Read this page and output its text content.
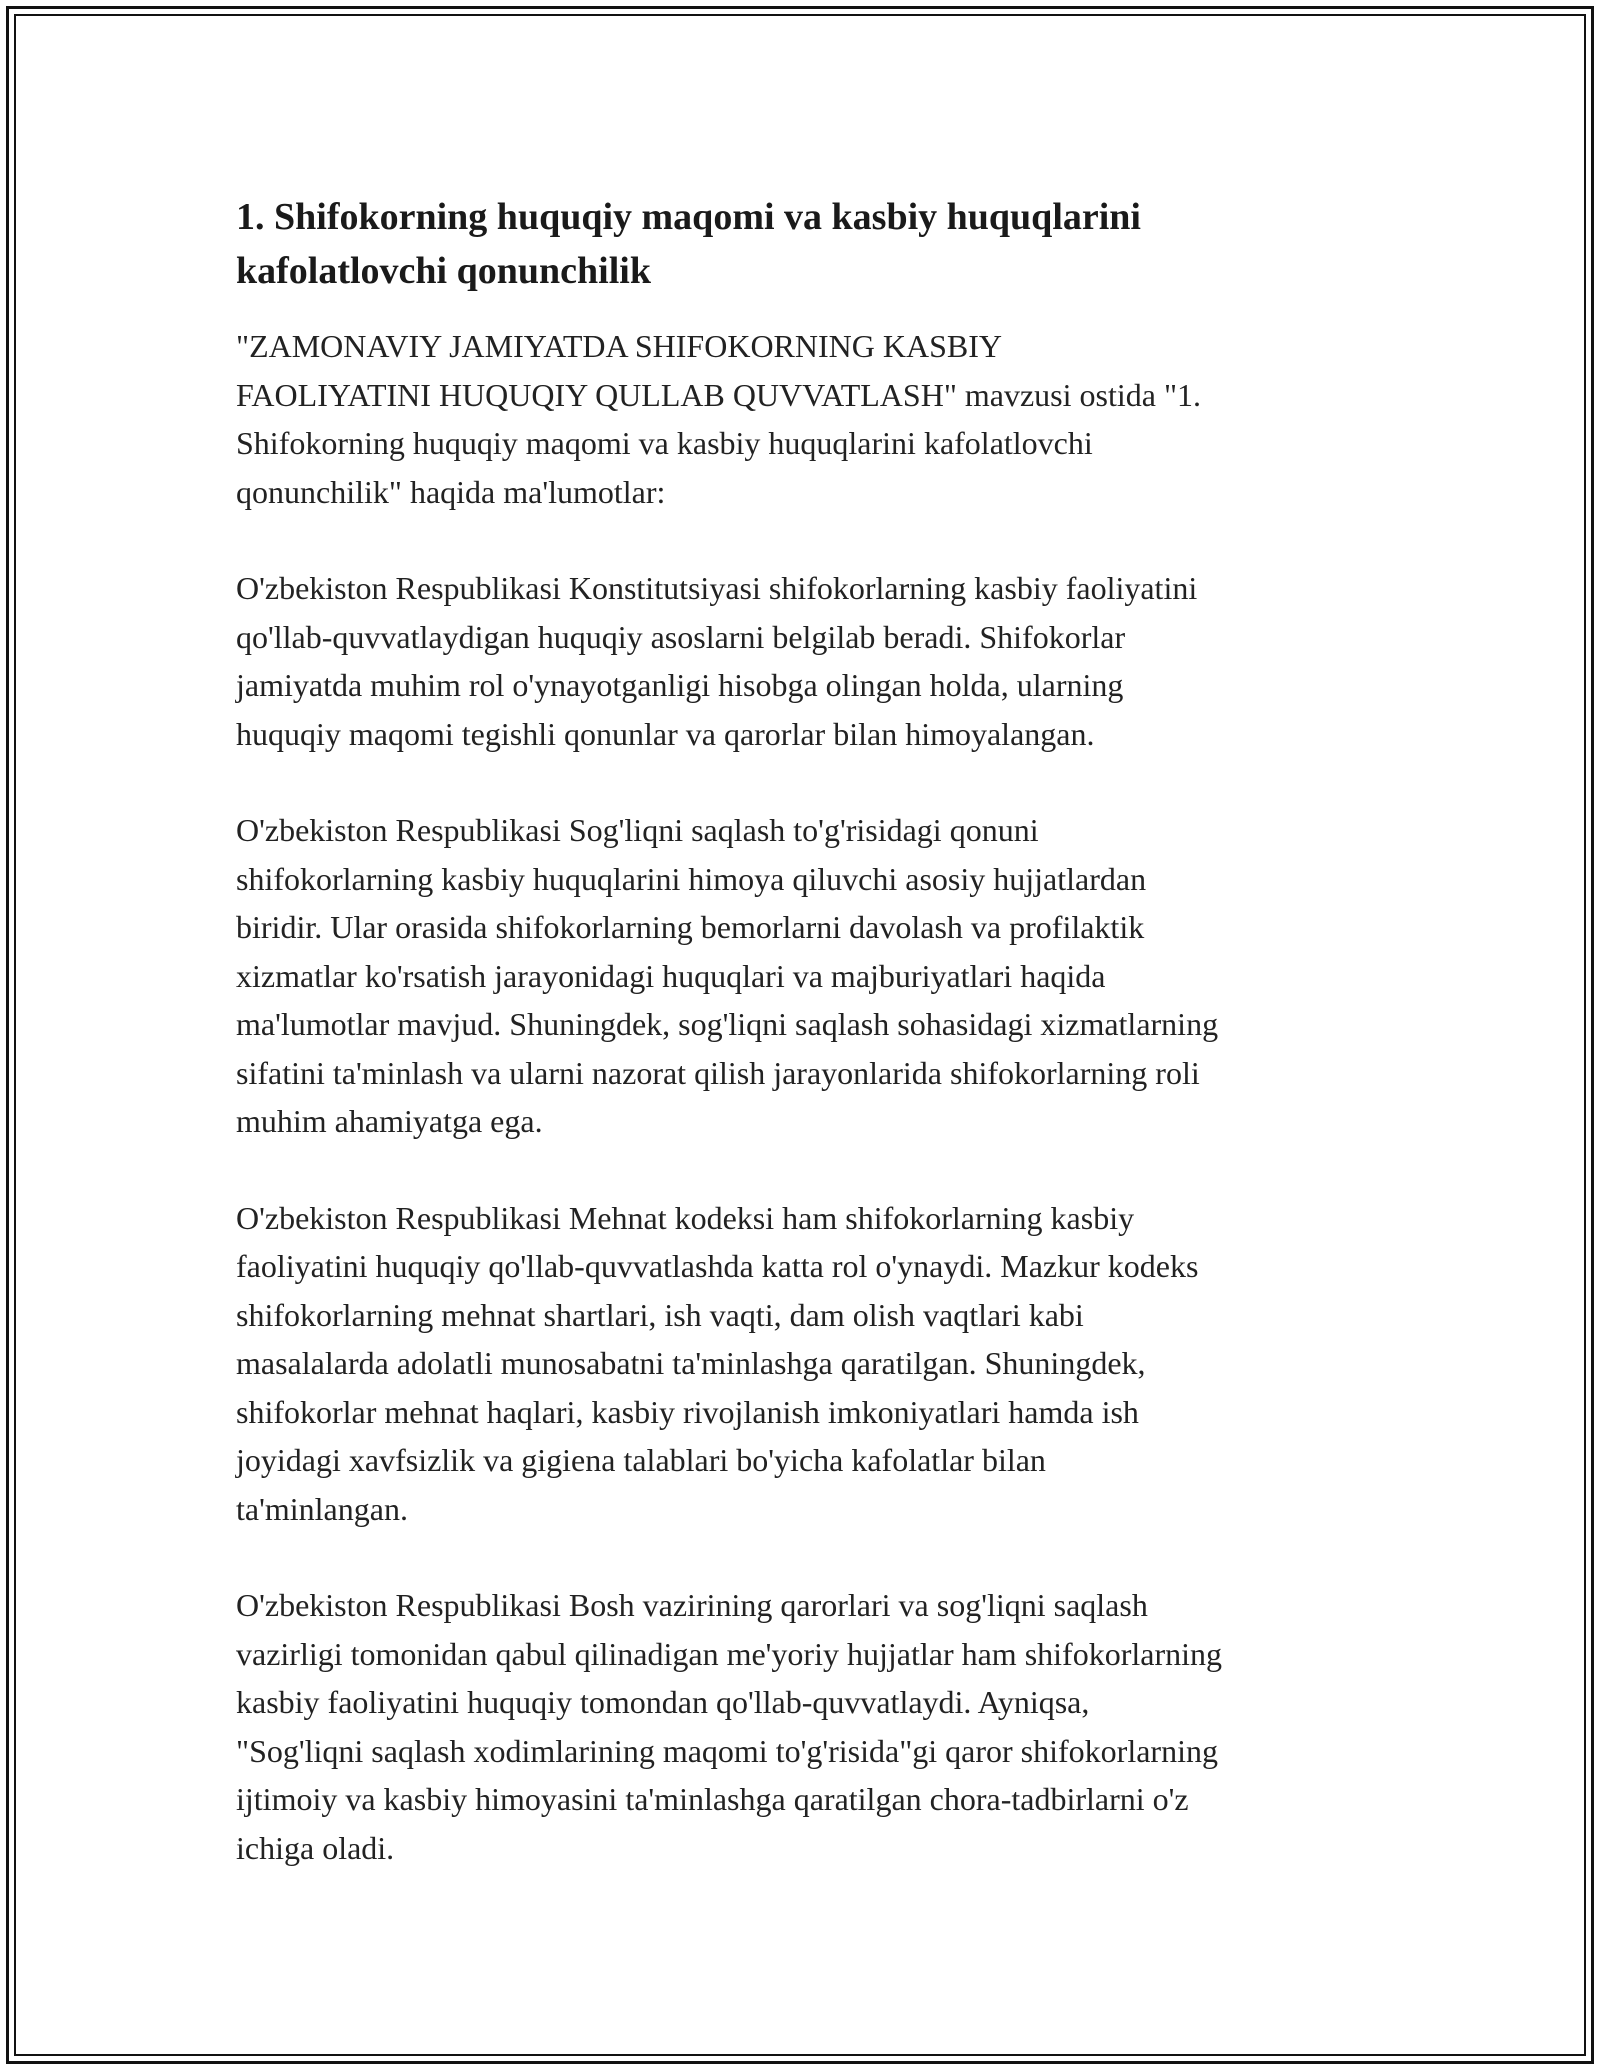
1. Shifokorning huquqiy maqomi va kasbiy huquqlarini
kafolatlovchi qonunchilik

"ZAMONAVIY JAMIYATDA SHIFOKORNING KASBIY
FAOLIYATINI HUQUQIY QULLAB QUVVATLASH" mavzusi ostida "1.
Shifokorning huquqiy maqomi va kasbiy huquqlarini kafolatlovchi
qonunchilik" haqida ma'lumotlar:

O'zbekiston Respublikasi Konstitutsiyasi shifokorlarning kasbiy faoliyatini
qo'llab-quvvatlaydigan huquqiy asoslarni belgilab beradi. Shifokorlar
jamiyatda muhim rol o'ynayotganligi hisobga olingan holda, ularning
huquqiy maqomi tegishli qonunlar va qarorlar bilan himoyalangan.

O'zbekiston Respublikasi Sog'liqni saqlash to'g'risidagi qonuni
shifokorlarning kasbiy huquqlarini himoya qiluvchi asosiy hujjatlardan
biridir. Ular orasida shifokorlarning bemorlarni davolash va profilaktik
xizmatlar ko'rsatish jarayonidagi huquqlari va majburiyatlari haqida
ma'lumotlar mavjud. Shuningdek, sog'liqni saqlash sohasidagi xizmatlarning
sifatini ta'minlash va ularni nazorat qilish jarayonlarida shifokorlarning roli
muhim ahamiyatga ega.

O'zbekiston Respublikasi Mehnat kodeksi ham shifokorlarning kasbiy
faoliyatini huquqiy qo'llab-quvvatlashda katta rol o'ynaydi. Mazkur kodeks
shifokorlarning mehnat shartlari, ish vaqti, dam olish vaqtlari kabi
masalalarda adolatli munosabatni ta'minlashga qaratilgan. Shuningdek,
shifokorlar mehnat haqlari, kasbiy rivojlanish imkoniyatlari hamda ish
joyidagi xavfsizlik va gigiena talablari bo'yicha kafolatlar bilan
ta'minlangan.

O'zbekiston Respublikasi Bosh vazirining qarorlari va sog'liqni saqlash
vazirligi tomonidan qabul qilinadigan me'yoriy hujjatlar ham shifokorlarning
kasbiy faoliyatini huquqiy tomondan qo'llab-quvvatlaydi. Ayniqsa,
"Sog'liqni saqlash xodimlarining maqomi to'g'risida"gi qaror shifokorlarning
ijtimoiy va kasbiy himoyasini ta'minlashga qaratilgan chora-tadbirlarni o'z
ichiga oladi.
